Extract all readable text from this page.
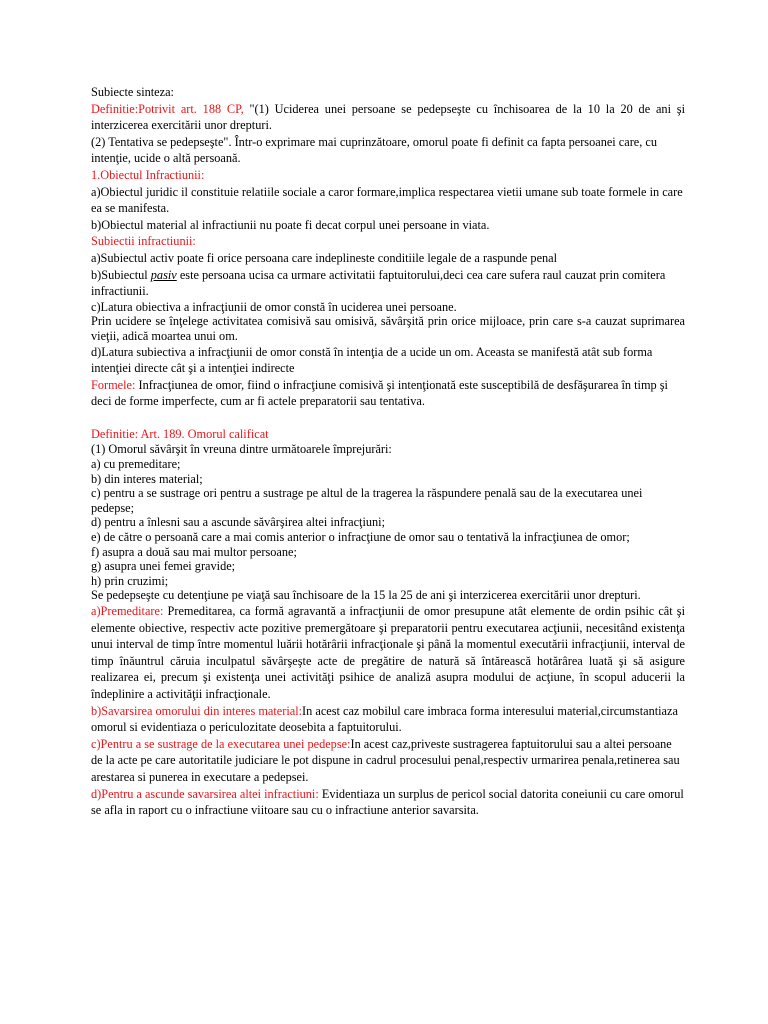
Subiecte sinteza:
Definitie:Potrivit art. 188 CP, "(1) Uciderea unei persoane se pedepseşte cu închisoarea de la 10 la 20 de ani şi interzicerea exercitării unor drepturi.
(2) Tentativa se pedepseşte". Într-o exprimare mai cuprinzătoare, omorul poate fi definit ca fapta persoanei care, cu intenţie, ucide o altă persoană.
1.Obiectul Infractiunii:
a)Obiectul juridic il constituie relatiile sociale a caror formare,implica respectarea vietii umane sub toate formele in care ea se manifesta.
b)Obiectul material al infractiunii nu poate fi decat corpul unei persoane in viata.
Subiectii infractiunii:
a)Subiectul activ poate fi orice persoana care indeplineste conditiile legale de a raspunde penal
b)Subiectul pasiv este persoana ucisa ca urmare activitatii faptuitorului,deci cea care sufera raul cauzat prin comitera infractiunii.
c)Latura obiectiva a infracţiunii de omor constă în uciderea unei persoane.
Prin ucidere se înţelege activitatea comisivă sau omisivă, săvârşită prin orice mijloace, prin care s-a cauzat suprimarea vieţii, adică moartea unui om.
d)Latura subiectiva a infracţiunii de omor constă în intenţia de a ucide un om. Aceasta se manifestă atât sub forma intenţiei directe cât şi a intenţiei indirecte
Formele: Infracţiunea de omor, fiind o infracţiune comisivă şi intenţionată este susceptibilă de desfăşurarea în timp şi deci de forme imperfecte, cum ar fi actele preparatorii sau tentativa.
Definitie: Art. 189. Omorul calificat
(1) Omorul săvârşit în vreuna dintre următoarele împrejurări:
a) cu premeditare;
b) din interes material;
c) pentru a se sustrage ori pentru a sustrage pe altul de la tragerea la răspundere penală sau de la executarea unei pedepse;
d) pentru a înlesni sau a ascunde săvârşirea altei infracţiuni;
e) de către o persoană care a mai comis anterior o infracţiune de omor sau o tentativă la infracţiunea de omor;
f) asupra a două sau mai multor persoane;
g) asupra unei femei gravide;
h) prin cruzimi;
Se pedepseşte cu detenţiune pe viaţă sau închisoare de la 15 la 25 de ani şi interzicerea exercitării unor drepturi.
a)Premeditare: Premeditarea, ca formă agravantă a infracţiunii de omor presupune atât elemente de ordin psihic cât şi elemente obiective, respectiv acte pozitive premergătoare şi preparatorii pentru executarea acţiunii, necesitând existenţa unui interval de timp între momentul luării hotărârii infracţionale şi până la momentul executării infracţiunii, interval de timp înăuntrul căruia inculpatul săvârşeşte acte de pregătire de natură să întărească hotărârea luată şi să asigure realizarea ei, precum şi existenţa unei activităţi psihice de analiză asupra modului de acţiune, în scopul aducerii la îndeplinire a activităţii infracţionale.
b)Savarsirea omorului din interes material:In acest caz mobilul care imbraca forma interesului material,circumstantiaza omorul si evidentiaza o periculozitate deosebita a faptuitorului.
c)Pentru a se sustrage de la executarea unei pedepse:In acest caz,priveste sustragerea faptuitorului sau a altei persoane de la acte pe care autoritatile judiciare le pot dispune in cadrul procesului penal,respectiv urmarirea penala,retinerea sau arestarea si punerea in executare a pedepsei.
d)Pentru a ascunde savarsirea altei infractiuni: Evidentiaza un surplus de pericol social datorita coneiunii cu care omorul se afla in raport cu o infractiune viitoare sau cu o infractiune anterior savarsita.
